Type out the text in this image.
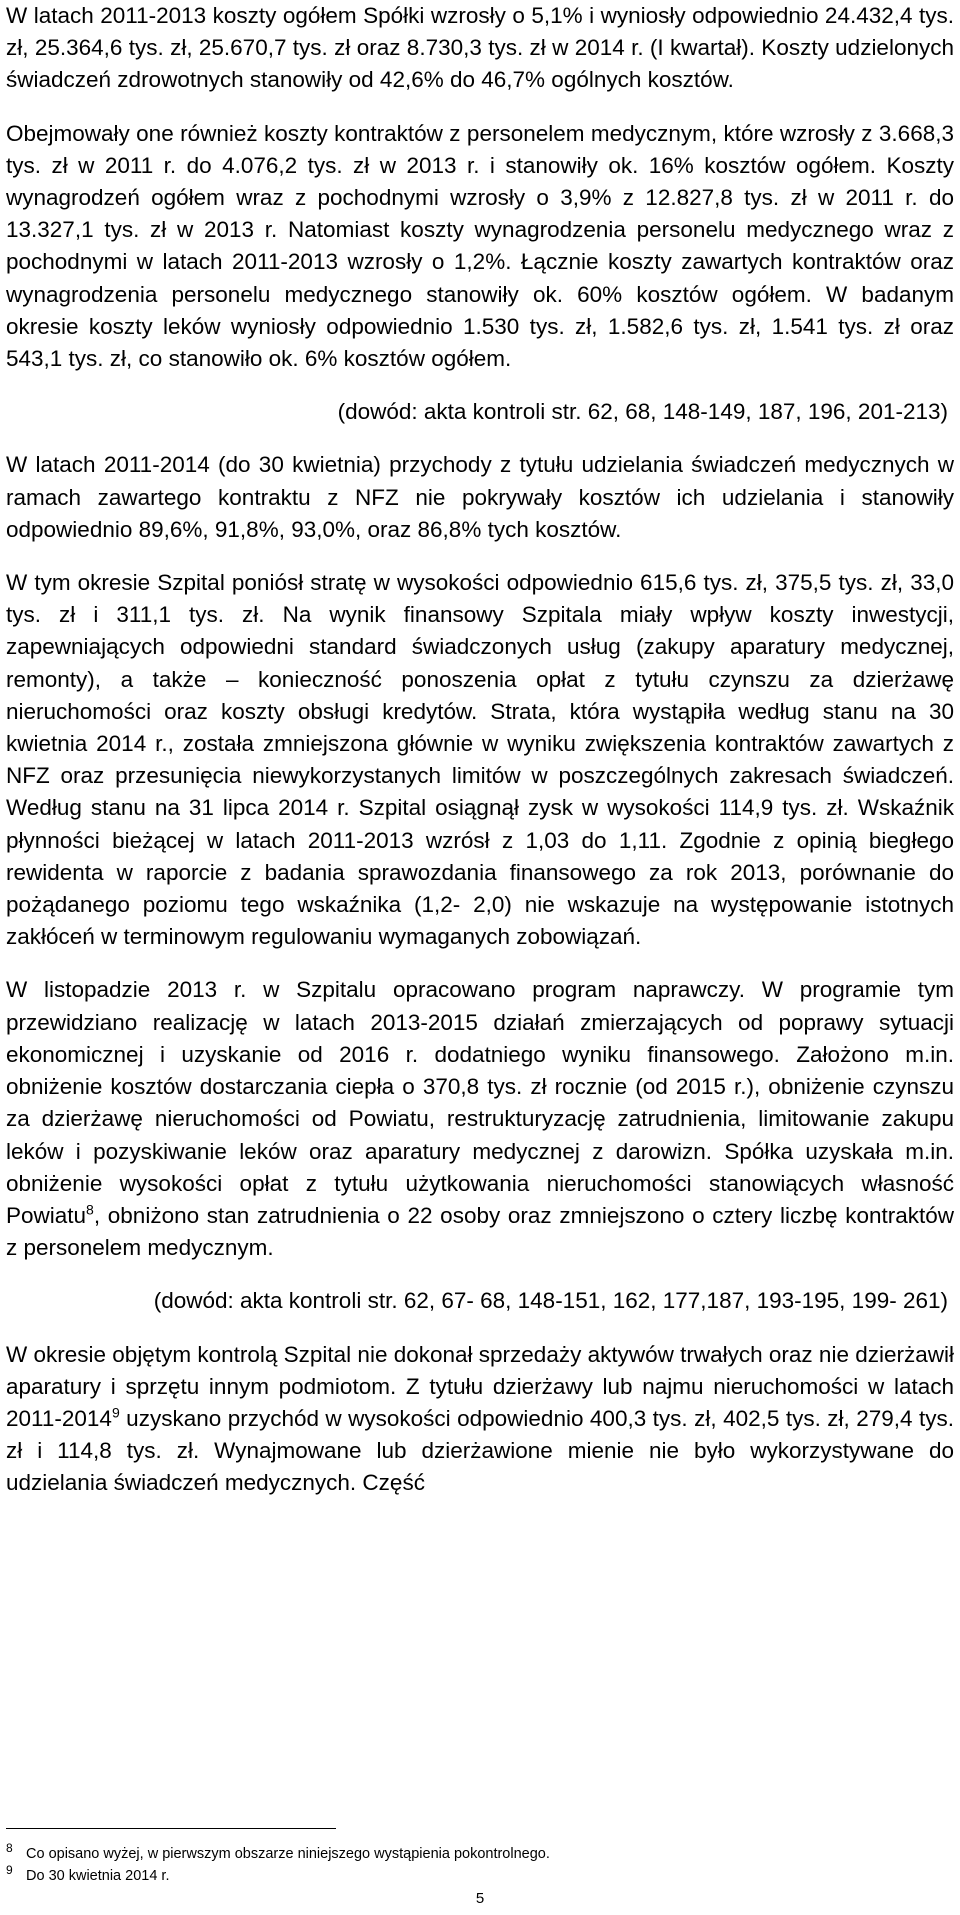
W latach 2011-2013 koszty ogółem Spółki wzrosły o 5,1% i wyniosły odpowiednio 24.432,4 tys. zł, 25.364,6 tys. zł, 25.670,7 tys. zł oraz 8.730,3 tys. zł w 2014 r. (I kwartał). Koszty udzielonych świadczeń zdrowotnych stanowiły od 42,6% do 46,7% ogólnych kosztów.

Obejmowały one również koszty kontraktów z personelem medycznym, które wzrosły z 3.668,3 tys. zł w 2011 r. do 4.076,2 tys. zł w 2013 r. i stanowiły ok. 16% kosztów ogółem. Koszty wynagrodzeń ogółem wraz z pochodnymi wzrosły o 3,9% z 12.827,8 tys. zł w 2011 r. do 13.327,1 tys. zł w 2013 r. Natomiast koszty wynagrodzenia personelu medycznego wraz z pochodnymi w latach 2011-2013 wzrosły o 1,2%. Łącznie koszty zawartych kontraktów oraz wynagrodzenia personelu medycznego stanowiły ok. 60% kosztów ogółem. W badanym okresie koszty leków wyniosły odpowiednio 1.530 tys. zł, 1.582,6 tys. zł, 1.541 tys. zł oraz 543,1 tys. zł, co stanowiło ok. 6% kosztów ogółem.

(dowód: akta kontroli str. 62, 68, 148-149, 187, 196, 201-213)

W latach 2011-2014 (do 30 kwietnia) przychody z tytułu udzielania świadczeń medycznych w ramach zawartego kontraktu z NFZ nie pokrywały kosztów ich udzielania i stanowiły odpowiednio 89,6%, 91,8%, 93,0%, oraz 86,8% tych kosztów.

W tym okresie Szpital poniósł stratę w wysokości odpowiednio 615,6 tys. zł, 375,5 tys. zł, 33,0 tys. zł i 311,1 tys. zł. Na wynik finansowy Szpitala miały wpływ koszty inwestycji, zapewniających odpowiedni standard świadczonych usług (zakupy aparatury medycznej, remonty), a także – konieczność ponoszenia opłat z tytułu czynszu za dzierżawę nieruchomości oraz koszty obsługi kredytów. Strata, która wystąpiła według stanu na 30 kwietnia 2014 r., została zmniejszona głównie w wyniku zwiększenia kontraktów zawartych z NFZ oraz przesunięcia niewykorzystanych limitów w poszczególnych zakresach świadczeń. Według stanu na 31 lipca 2014 r. Szpital osiągnął zysk w wysokości 114,9 tys. zł. Wskaźnik płynności bieżącej w latach 2011-2013 wzrósł z 1,03 do 1,11. Zgodnie z opinią biegłego rewidenta w raporcie z badania sprawozdania finansowego za rok 2013, porównanie do pożądanego poziomu tego wskaźnika (1,2- 2,0) nie wskazuje na występowanie istotnych zakłóceń w terminowym regulowaniu wymaganych zobowiązań.

W listopadzie 2013 r. w Szpitalu opracowano program naprawczy. W programie tym przewidziano realizację w latach 2013-2015 działań zmierzających od poprawy sytuacji ekonomicznej i uzyskanie od 2016 r. dodatniego wyniku finansowego. Założono m.in. obniżenie kosztów dostarczania ciepła o 370,8 tys. zł rocznie (od 2015 r.), obniżenie czynszu za dzierżawę nieruchomości od Powiatu, restrukturyzację zatrudnienia, limitowanie zakupu leków i pozyskiwanie leków oraz aparatury medycznej z darowizn. Spółka uzyskała m.in. obniżenie wysokości opłat z tytułu użytkowania nieruchomości stanowiących własność Powiatu$^8$, obniżono stan zatrudnienia o 22 osoby oraz zmniejszono o cztery liczbę kontraktów z personelem medycznym.

(dowód: akta kontroli str. 62, 67- 68, 148-151, 162, 177,187, 193-195, 199- 261)

W okresie objętym kontrolą Szpital nie dokonał sprzedaży aktywów trwałych oraz nie dzierżawił aparatury i sprzętu innym podmiotom. Z tytułu dzierżawy lub najmu nieruchomości w latach 2011-2014$^9$ uzyskano przychód w wysokości odpowiednio 400,3 tys. zł, 402,5 tys. zł, 279,4 tys. zł i 114,8 tys. zł. Wynajmowane lub dzierżawione mienie nie było wykorzystywane do udzielania świadczeń medycznych. Część

8 Co opisano wyżej, w pierwszym obszarze niniejszego wystąpienia pokontrolnego.
9 Do 30 kwietnia 2014 r.
5
